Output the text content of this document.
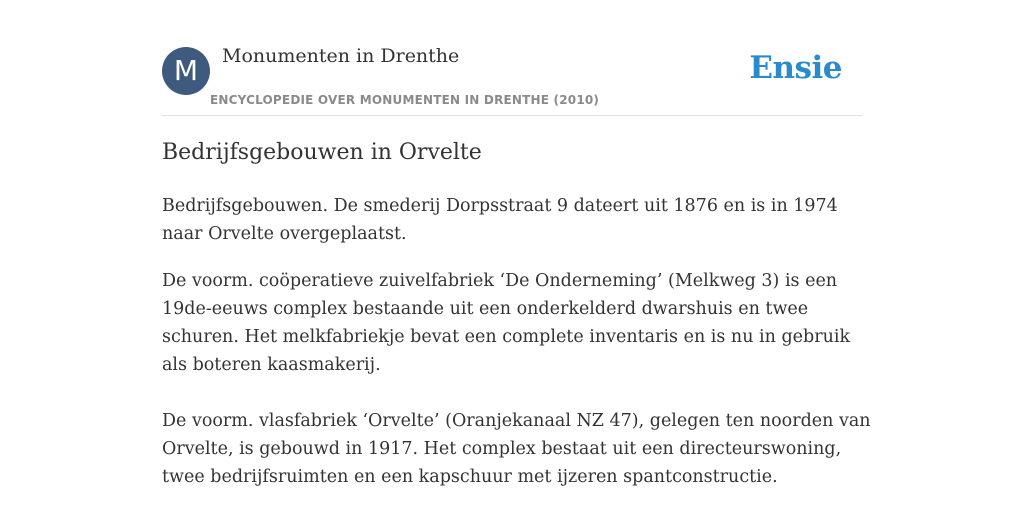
M	Monumenten in Drenthe
ENCYCLOPEDIE OVER MONUMENTEN IN DRENTHE (2010)
Ensie
Bedrijfsgebouwen in Orvelte

Bedrijfsgebouwen. De smederij Dorpsstraat 9 dateert uit 1876 en is in 1974 naar Orvelte overgeplaatst.

De voorm. coöperatieve zuivelfabriek ‘De Onderneming’ (Melkweg 3) is een 19de-eeuws complex bestaande uit een onderkelderd dwarshuis en twee schuren. Het melkfabriekje bevat een complete inventaris en is nu in gebruik als boteren kaasmakerij.

De voorm. vlasfabriek ‘Orvelte’ (Oranjekanaal NZ 47), gelegen ten noorden van Orvelte, is gebouwd in 1917. Het complex bestaat uit een directeurswoning, twee bedrijfsruimten en een kapschuur met ijzeren spantconstructie.
